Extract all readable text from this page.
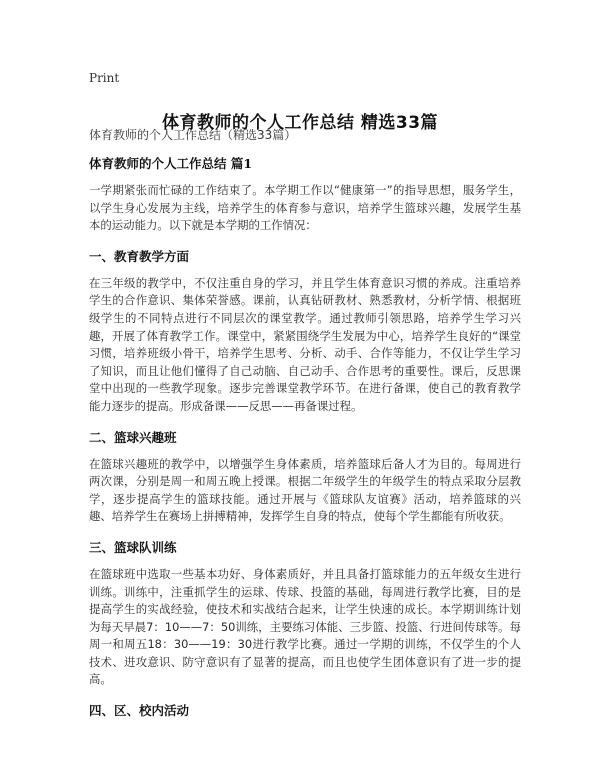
Print
体育教师的个人工作总结 精选33篇
体育教师的个人工作总结（精选33篇）
体育教师的个人工作总结 篇1

一学期紧张而忙碌的工作结束了。本学期工作以“健康第一”的指导思想，服务学生，以学生身心发展为主线，培养学生的体育参与意识，培养学生篮球兴趣，发展学生基本的运动能力。以下就是本学期的工作情况：

一、教育教学方面

在三年级的教学中，不仅注重自身的学习，并且学生体育意识习惯的养成。注重培养学生的合作意识、集体荣誉感。课前，认真钻研教材、熟悉教材，分析学情、根据班级学生的不同特点进行不同层次的课堂教学。通过教师引领思路，培养学生学习兴趣，开展了体育教学工作。课堂中，紧紧围绕学生发展为中心，培养学生良好的“课堂习惯，培养班级小骨干，培养学生思考、分析、动手、合作等能力，不仅让学生学习了知识，而且让他们懂得了自己动脑、自己动手、合作思考的重要性。课后，反思课堂中出现的一些教学现象。逐步完善课堂教学环节。在进行备课，使自己的教育教学能力逐步的提高。形成备课——反思——再备课过程。

二、篮球兴趣班

在篮球兴趣班的教学中，以增强学生身体素质，培养篮球后备人才为目的。每周进行两次课，分别是周一和周五晚上授课。根据二年级学生的年级学生的特点采取分层教学，逐步提高学生的篮球技能。通过开展与《篮球队友谊赛》活动，培养篮球的兴趣、培养学生在赛场上拼搏精神，发挥学生自身的特点，使每个学生都能有所收获。

三、篮球队训练

在篮球班中选取一些基本功好、身体素质好，并且具备打篮球能力的五年级女生进行训练。训练中，注重抓学生的运球、传球、投篮的基础，每周进行教学比赛，目的是提高学生的实战经验，使技术和实战结合起来，让学生快速的成长。本学期训练计划为每天早晨7：10——7：50训练，主要练习体能、三步篮、投篮、行进间传球等。每周一和周五18：30——19：30进行教学比赛。通过一学期的训练，不仅学生的个人技术、进攻意识、防守意识有了显著的提高，而且也使学生团体意识有了进一步的提高。

四、区、校内活动
